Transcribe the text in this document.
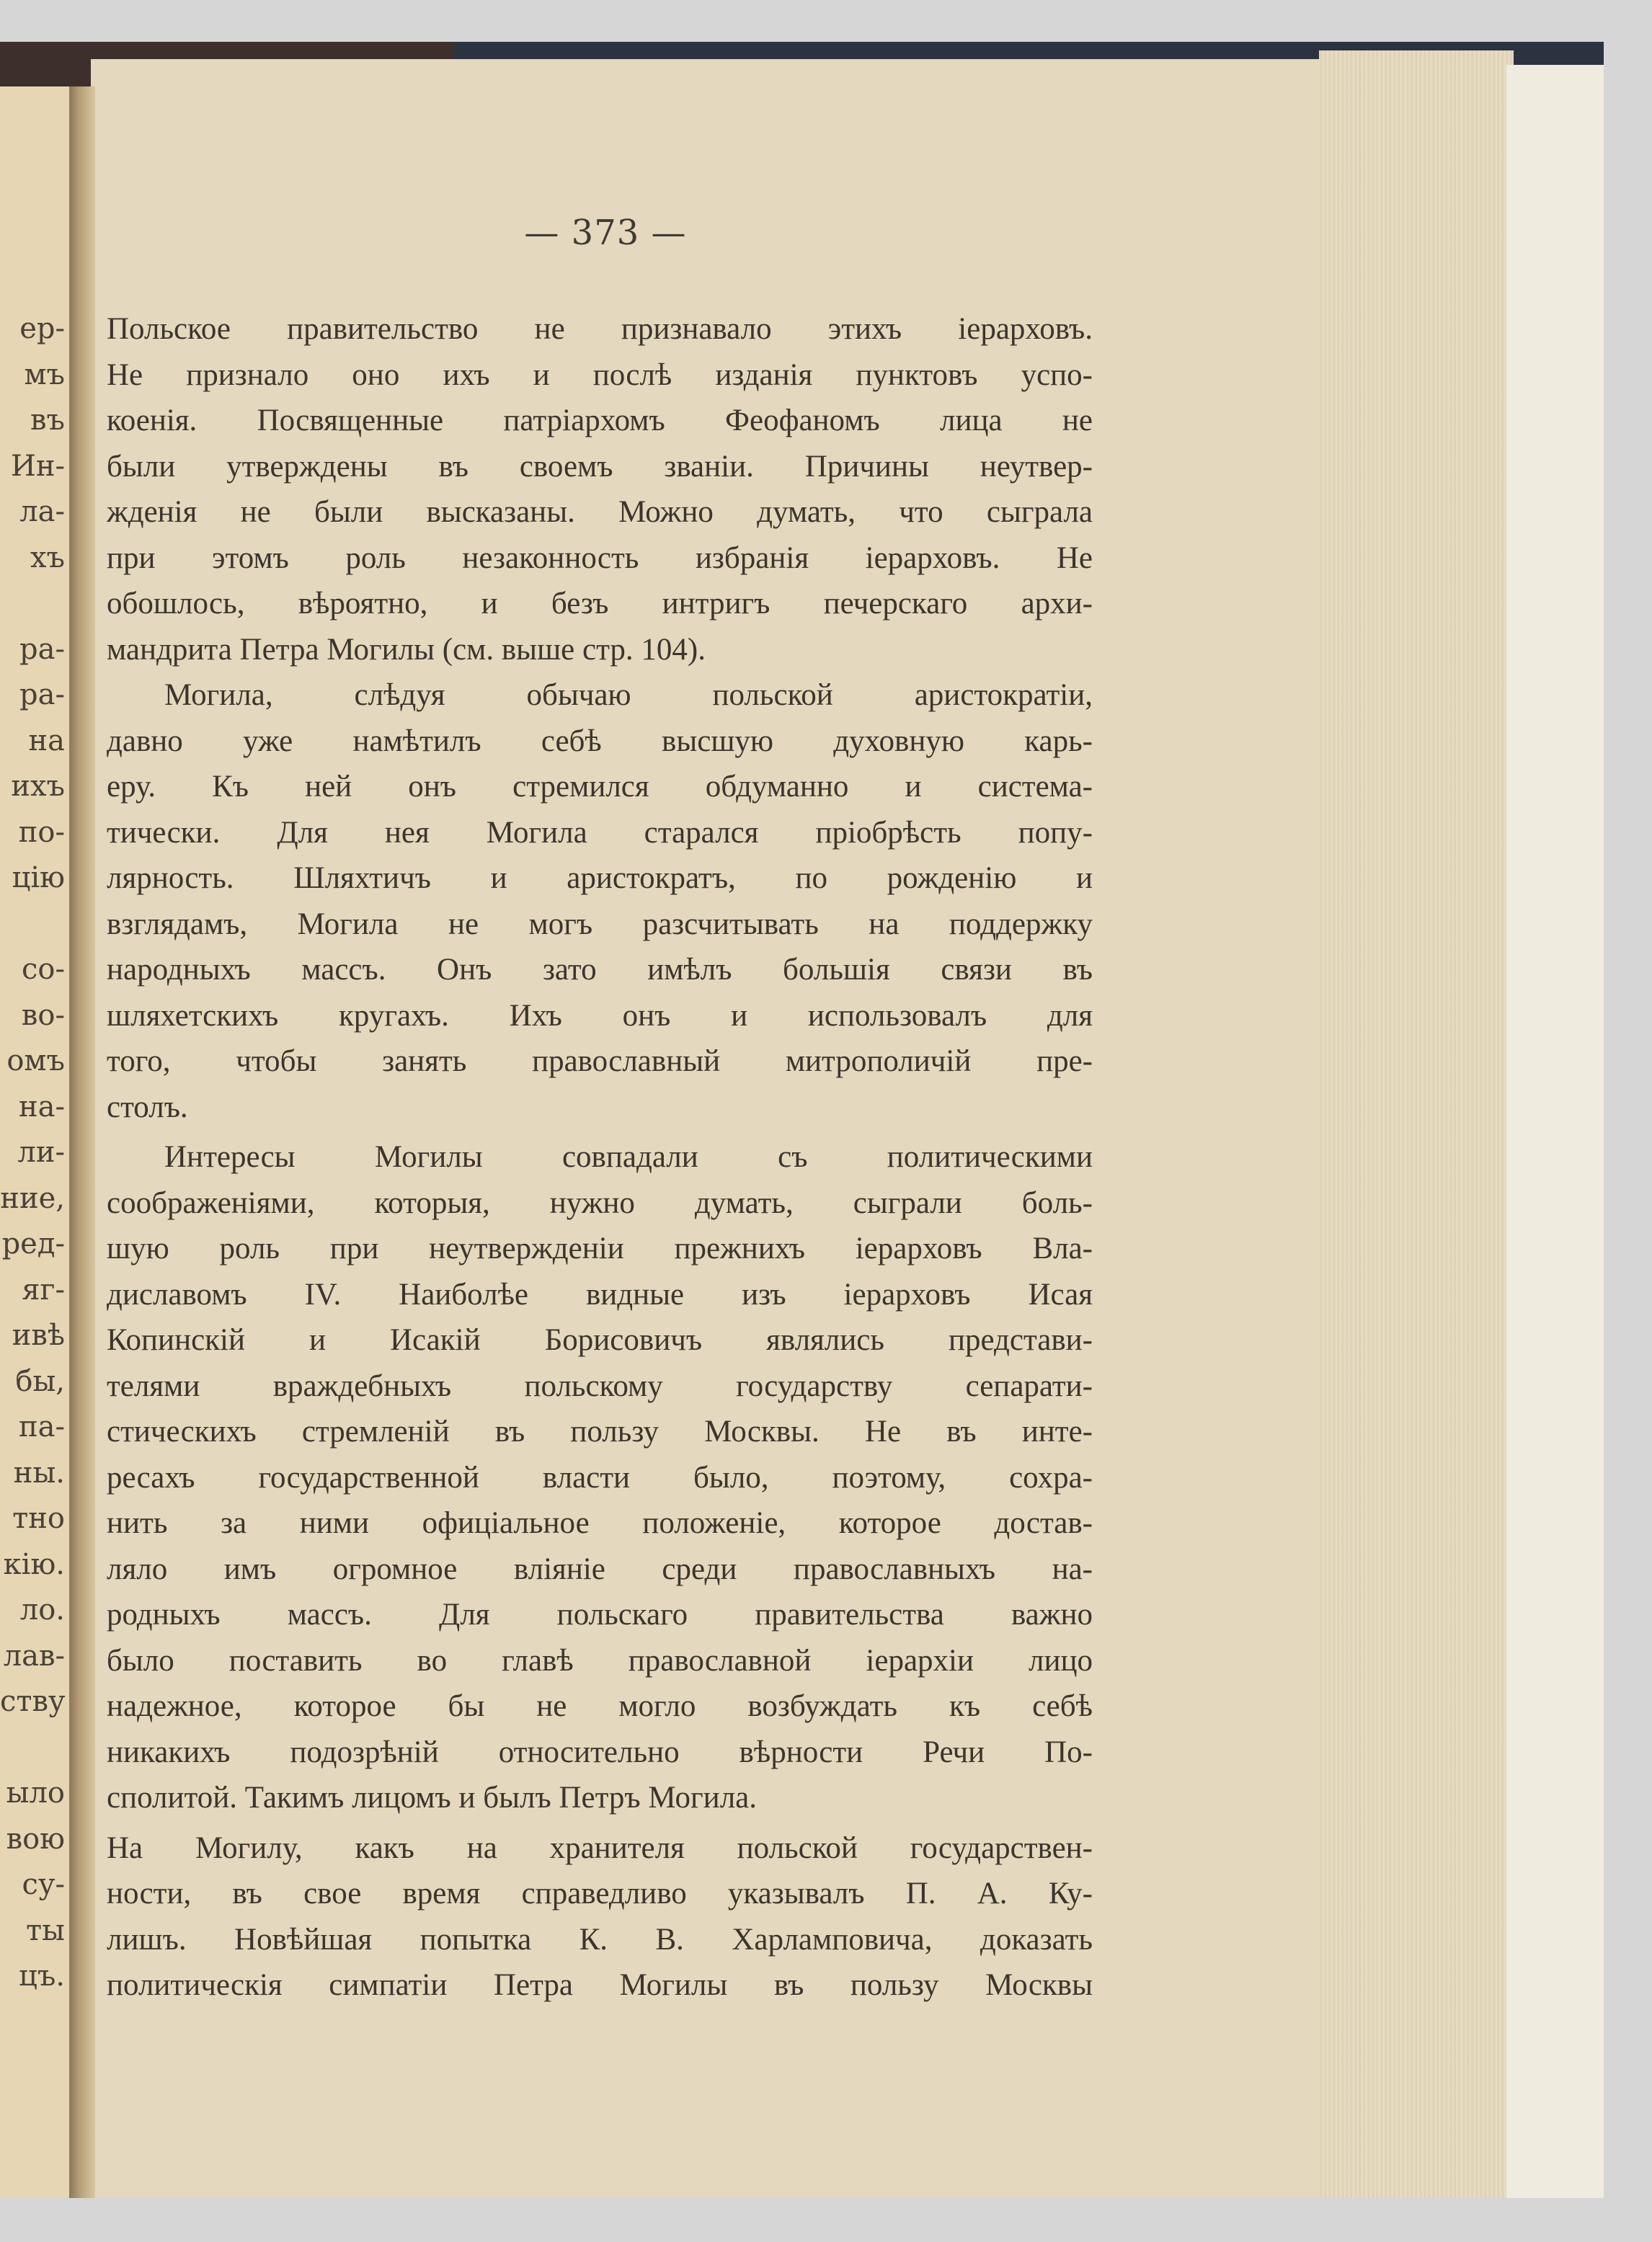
ер-
мъ
въ
Ин-
ла-
хъ
ра-
ра-
на
ихъ
по-
цію
со-
во-
омъ
на-
ли-
ние,
ред-
яг-
ивѣ
бы,
па-
ны.
тно
кію.
ло.
лав-
ству
ыло
вою
су-
ты
цъ.
— 373 —
Польское правительство не признавало этихъ іерарховъ.
Не признало оно ихъ и послѣ изданія пунктовъ успо-
коенія. Посвященные патріархомъ Феофаномъ лица не
были утверждены въ своемъ званіи. Причины неутвер-
жденія не были высказаны. Можно думать, что сыграла
при этомъ роль незаконность избранія іерарховъ. Не
обошлось, вѣроятно, и безъ интригъ печерскаго архи-
мандрита Петра Могилы (см. выше стр. 104).
Могила, слѣдуя обычаю польской аристократіи,
давно уже намѣтилъ себѣ высшую духовную карь-
еру. Къ ней онъ стремился обдуманно и система-
тически. Для нея Могила старался пріобрѣсть попу-
лярность. Шляхтичъ и аристократъ, по рожденію и
взглядамъ, Могила не могъ разсчитывать на поддержку
народныхъ массъ. Онъ зато имѣлъ большія связи въ
шляхетскихъ кругахъ. Ихъ онъ и использовалъ для
того, чтобы занять православный митрополичій пре-
столъ.
Интересы Могилы совпадали съ политическими
соображеніями, которыя, нужно думать, сыграли боль-
шую роль при неутвержденіи прежнихъ іерарховъ Вла-
диславомъ IV. Наиболѣе видные изъ іерарховъ Исая
Копинскій и Исакій Борисовичъ являлись представи-
телями враждебныхъ польскому государству сепарати-
стическихъ стремленій въ пользу Москвы. Не въ инте-
ресахъ государственной власти было, поэтому, сохра-
нить за ними офиціальное положеніе, которое достав-
ляло имъ огромное вліяніе среди православныхъ на-
родныхъ массъ. Для польскаго правительства важно
было поставить во главѣ православной іерархіи лицо
надежное, которое бы не могло возбуждать къ себѣ
никакихъ подозрѣній относительно вѣрности Речи По-
сполитой. Такимъ лицомъ и былъ Петръ Могила.
На Могилу, какъ на хранителя польской государствен-
ности, въ свое время справедливо указывалъ П. А. Ку-
лишъ. Новѣйшая попытка К. В. Харламповича, доказать
политическія симпатіи Петра Могилы въ пользу Москвы
